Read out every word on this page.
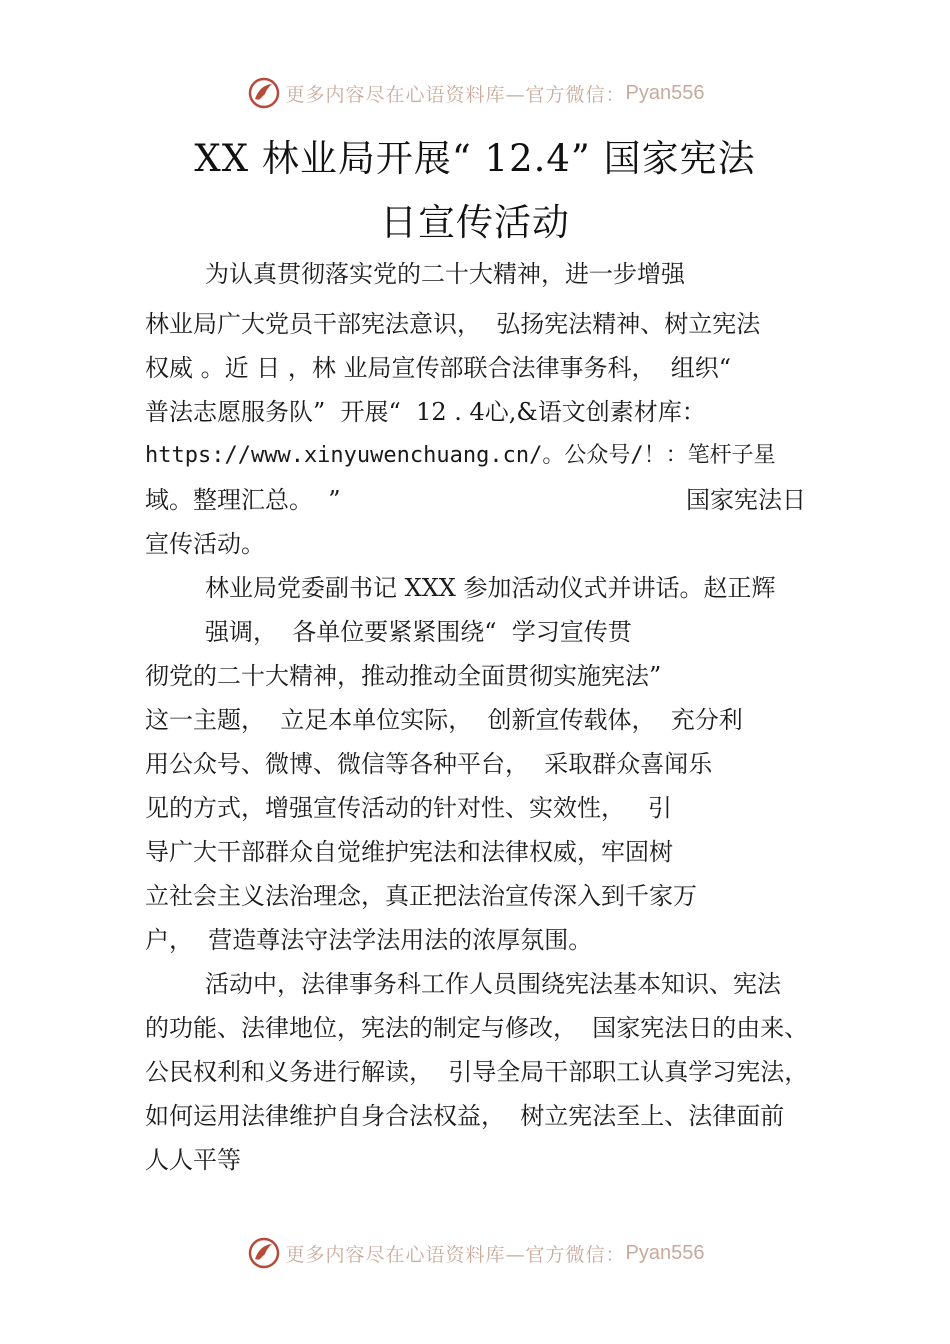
更多内容尽在心语资料库—官方微信： Pyan556
XX 林业局开展“ 12.4” 国家宪法
日宣传活动
为认真贯彻落实党的二十大精神，进一步增强
林业局广大党员干部宪法意识，  弘扬宪法精神、树立宪法
权威 。近 日 ，林 业局宣传部联合法律事务科，  组织“
普法志愿服务队”  开展“  12 . 4心,&语文创素材库：
https://www.xinyuwenchuang.cn/。公众号/！：笔杆子星
域。整理汇总。  ”	国家宪法日
宣传活动。
林业局党委副书记 XXX 参加活动仪式并讲话。赵正辉
强调，  各单位要紧紧围绕“  学习宣传贯
彻党的二十大精神，推动推动全面贯彻实施宪法”
这一主题，  立足本单位实际，  创新宣传载体，  充分利
用公众号、微博、微信等各种平台，  采取群众喜闻乐
见的方式，增强宣传活动的针对性、实效性，   引
导广大干部群众自觉维护宪法和法律权威，牢固树
立社会主义法治理念，真正把法治宣传深入到千家万
户，  营造尊法守法学法用法的浓厚氛围。
活动中，法律事务科工作人员围绕宪法基本知识、宪法
的功能、法律地位，宪法的制定与修改，  国家宪法日的由来、
公民权利和义务进行解读，  引导全局干部职工认真学习宪法，
如何运用法律维护自身合法权益，  树立宪法至上、法律面前
人人平等
更多内容尽在心语资料库—官方微信： Pyan556
